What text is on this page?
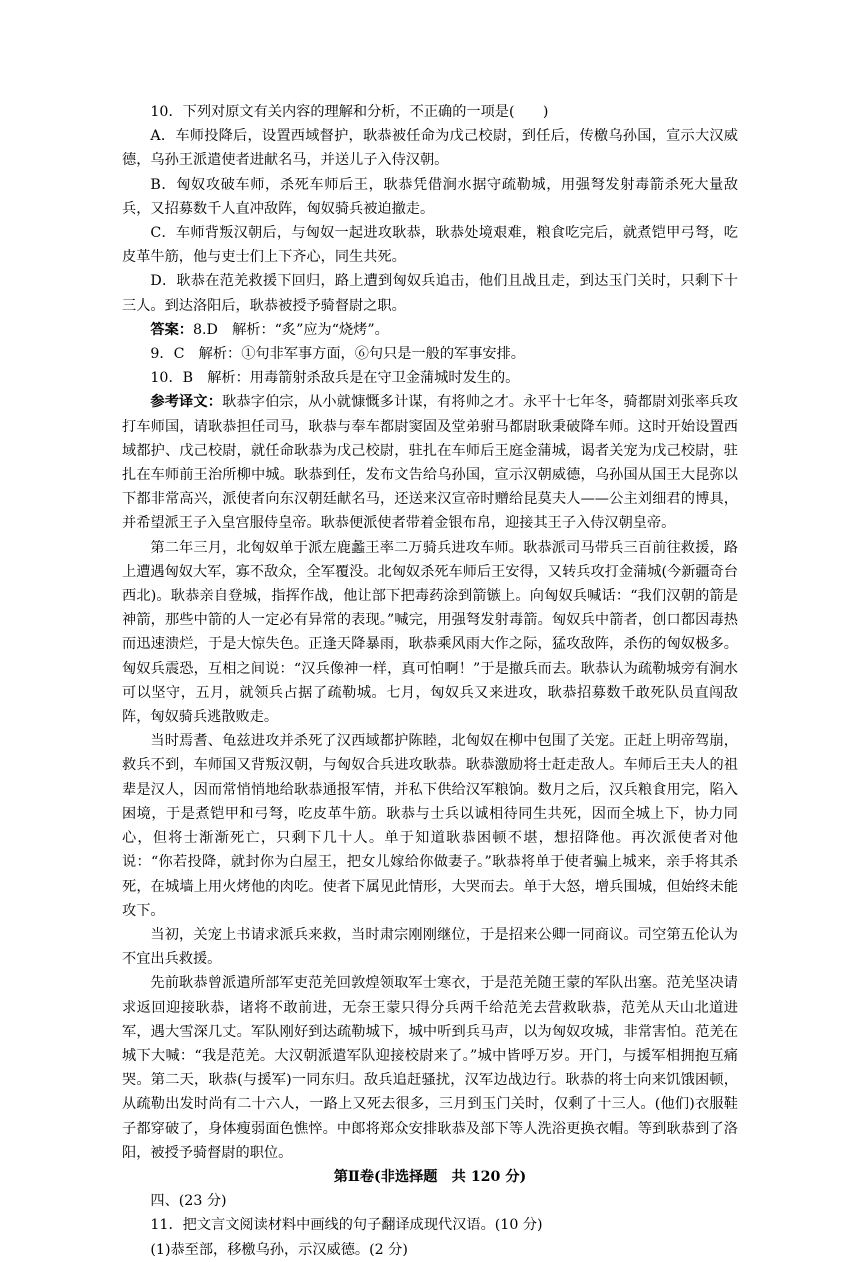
10．下列对原文有关内容的理解和分析，不正确的一项是(　　)

A．车师投降后，设置西域督护，耿恭被任命为戊己校尉，到任后，传檄乌孙国，宣示大汉威德，乌孙王派遣使者进献名马，并送儿子入侍汉朝。

B．匈奴攻破车师，杀死车师后王，耿恭凭借涧水据守疏勒城，用强弩发射毒箭杀死大量敌兵，又招募数千人直冲敌阵，匈奴骑兵被迫撤走。

C．车师背叛汉朝后，与匈奴一起进攻耿恭，耿恭处境艰难，粮食吃完后，就煮铠甲弓弩，吃皮革牛筋，他与吏士们上下齐心，同生共死。

D．耿恭在范羌救援下回归，路上遭到匈奴兵追击，他们且战且走，到达玉门关时，只剩下十三人。到达洛阳后，耿恭被授予骑督尉之职。

答案：8.D　解析：“炙”应为“烧烤”。

9．C　解析：①句非军事方面，⑥句只是一般的军事安排。

10．B　解析：用毒箭射杀敌兵是在守卫金蒲城时发生的。

参考译文：耿恭字伯宗，从小就慷慨多计谋，有将帅之才。永平十七年冬，骑都尉刘张率兵攻打车师国，请耿恭担任司马，耿恭与奉车都尉窦固及堂弟驸马都尉耿秉破降车师。这时开始设置西域都护、戊己校尉，就任命耿恭为戊己校尉，驻扎在车师后王庭金蒲城，谒者关宠为戊己校尉，驻扎在车师前王治所柳中城。耿恭到任，发布文告给乌孙国，宣示汉朝威德，乌孙国从国王大昆弥以下都非常高兴，派使者向东汉朝廷献名马，还送来汉宣帝时赠给昆莫夫人——公主刘细君的博具，并希望派王子入皇宫服侍皇帝。耿恭便派使者带着金银布帛，迎接其王子入侍汉朝皇帝。

第二年三月，北匈奴单于派左鹿蠡王率二万骑兵进攻车师。耿恭派司马带兵三百前往救援，路上遭遇匈奴大军，寡不敌众，全军覆没。北匈奴杀死车师后王安得，又转兵攻打金蒲城(今新疆奇台西北)。耿恭亲自登城，指挥作战，他让部下把毒药涂到箭镞上。向匈奴兵喊话：“我们汉朝的箭是神箭，那些中箭的人一定必有异常的表现。”喊完，用强弩发射毒箭。匈奴兵中箭者，创口都因毒热而迅速溃烂，于是大惊失色。正逢天降暴雨，耿恭乘风雨大作之际，猛攻敌阵，杀伤的匈奴极多。匈奴兵震恐，互相之间说：“汉兵像神一样，真可怕啊！”于是撤兵而去。耿恭认为疏勒城旁有涧水可以坚守，五月，就领兵占据了疏勒城。七月，匈奴兵又来进攻，耿恭招募数千敢死队员直闯敌阵，匈奴骑兵逃散败走。

当时焉耆、龟兹进攻并杀死了汉西域都护陈睦，北匈奴在柳中包围了关宠。正赶上明帝驾崩，救兵不到，车师国又背叛汉朝，与匈奴合兵进攻耿恭。耿恭激励将士赶走敌人。车师后王夫人的祖辈是汉人，因而常悄悄地给耿恭通报军情，并私下供给汉军粮饷。数月之后，汉兵粮食用完，陷入困境，于是煮铠甲和弓弩，吃皮革牛筋。耿恭与士兵以诚相待同生共死，因而全城上下，协力同心，但将士渐渐死亡，只剩下几十人。单于知道耿恭困顿不堪，想招降他。再次派使者对他说：“你若投降，就封你为白屋王，把女儿嫁给你做妻子。”耿恭将单于使者骗上城来，亲手将其杀死，在城墙上用火烤他的肉吃。使者下属见此情形，大哭而去。单于大怒，增兵围城，但始终未能攻下。

当初，关宠上书请求派兵来救，当时肃宗刚刚继位，于是招来公卿一同商议。司空第五伦认为不宜出兵救援。

先前耿恭曾派遣所部军吏范羌回敦煌领取军士寒衣，于是范羌随王蒙的军队出塞。范羌坚决请求返回迎接耿恭，诸将不敢前进，无奈王蒙只得分兵两千给范羌去营救耿恭，范羌从天山北道进军，遇大雪深几丈。军队刚好到达疏勒城下，城中听到兵马声，以为匈奴攻城，非常害怕。范羌在城下大喊：“我是范羌。大汉朝派遣军队迎接校尉来了。”城中皆呼万岁。开门，与援军相拥抱互痛哭。第二天，耿恭(与援军)一同东归。敌兵追赶骚扰，汉军边战边行。耿恭的将士向来饥饿困顿，从疏勒出发时尚有二十六人，一路上又死去很多，三月到玉门关时，仅剩了十三人。(他们)衣服鞋子都穿破了，身体瘦弱面色憔悴。中郎将郑众安排耿恭及部下等人洗浴更换衣帽。等到耿恭到了洛阳，被授予骑督尉的职位。

第Ⅱ卷(非选择题　共 120 分)

四、(23 分)

11．把文言文阅读材料中画线的句子翻译成现代汉语。(10 分)

(1)恭至部，移檄乌孙，示汉威德。(2 分)
